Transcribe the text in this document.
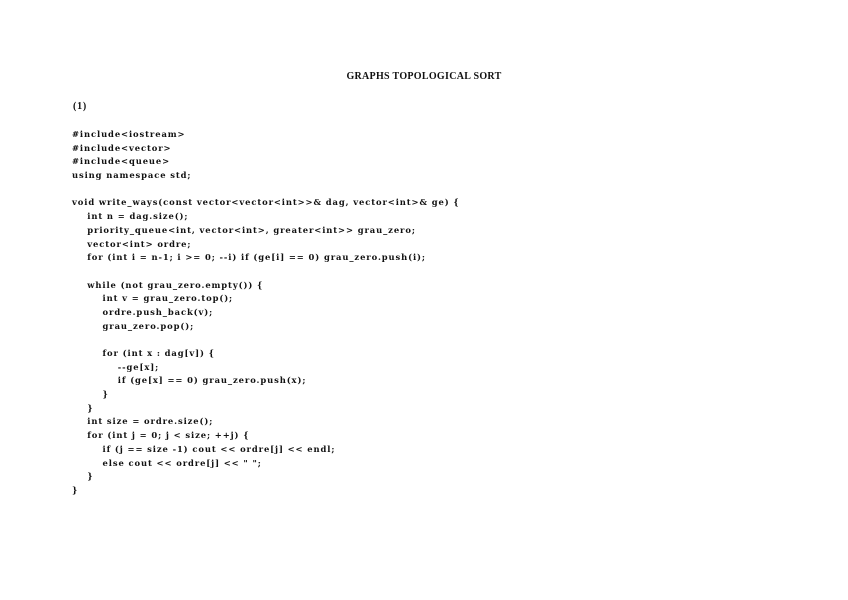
GRAPHS TOPOLOGICAL SORT
(1)
#include<iostream>
#include<vector>
#include<queue>
using namespace std;
void write_ways(const vector<vector<int>>& dag, vector<int>& ge) {
int n = dag.size();
priority_queue<int, vector<int>, greater<int>> grau_zero;
vector<int> ordre;
for (int i = n-1; i >= 0; --i) if (ge[i] == 0) grau_zero.push(i);
while (not grau_zero.empty()) {
int v = grau_zero.top();
ordre.push_back(v);
grau_zero.pop();
for (int x : dag[v]) {
--ge[x];
if (ge[x] == 0) grau_zero.push(x);
}
}
int size = ordre.size();
for (int j = 0; j < size; ++j) {
if (j == size -1) cout << ordre[j] << endl;
else cout << ordre[j] << " ";
}
}
